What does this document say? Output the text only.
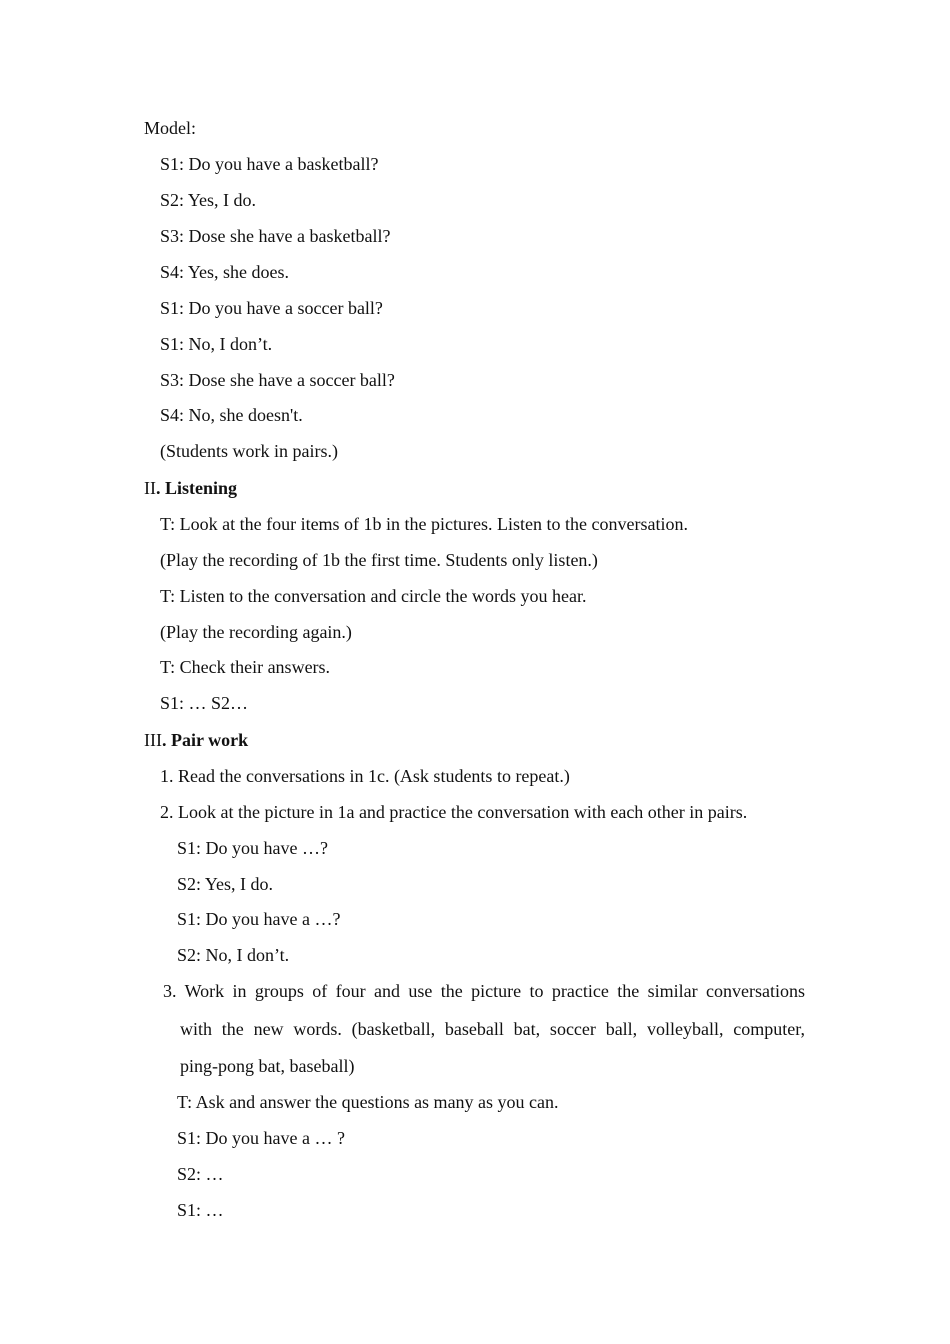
Model:
S1: Do you have a basketball?
S2: Yes, I do.
S3: Dose she have a basketball?
S4: Yes, she does.
S1: Do you have a soccer ball?
S1: No, I don’t.
S3: Dose she have a soccer ball?
S4: No, she doesn't.
(Students work in pairs.)
II. Listening
T: Look at the four items of 1b in the pictures. Listen to the conversation.
(Play the recording of 1b the first time. Students only listen.)
T: Listen to the conversation and circle the words you hear.
(Play the recording again.)
T: Check their answers.
S1: … S2…
III. Pair work
1. Read the conversations in 1c. (Ask students to repeat.)
2. Look at the picture in 1a and practice the conversation with each other in pairs.
S1: Do you have …?
S2: Yes, I do.
S1: Do you have a …?
S2: No, I don’t.
3. Work in groups of four and use the picture to practice the similar conversations
with the new words. (basketball, baseball bat, soccer ball, volleyball, computer,
ping-pong bat, baseball)
T: Ask and answer the questions as many as you can.
S1: Do you have a … ?
S2: …
S1: …
